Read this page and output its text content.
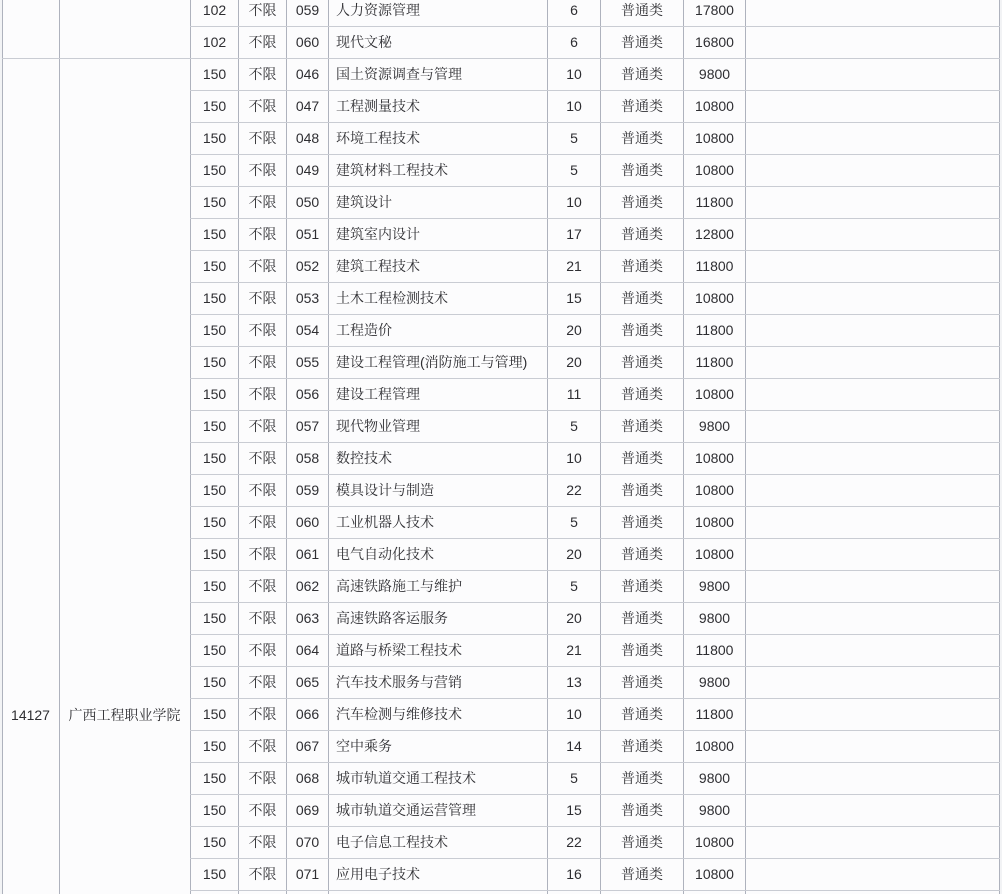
102	不限	059	人力资源管理	6	普通类	17800
102	不限	060	现代文秘	6	普通类	16800
150	不限	046	国土资源调查与管理	10	普通类	9800
150	不限	047	工程测量技术	10	普通类	10800
150	不限	048	环境工程技术	5	普通类	10800
150	不限	049	建筑材料工程技术	5	普通类	10800
150	不限	050	建筑设计	10	普通类	11800
150	不限	051	建筑室内设计	17	普通类	12800
150	不限	052	建筑工程技术	21	普通类	11800
150	不限	053	土木工程检测技术	15	普通类	10800
150	不限	054	工程造价	20	普通类	11800
150	不限	055	建设工程管理(消防施工与管理)	20	普通类	11800
150	不限	056	建设工程管理	11	普通类	10800
150	不限	057	现代物业管理	5	普通类	9800
150	不限	058	数控技术	10	普通类	10800
150	不限	059	模具设计与制造	22	普通类	10800
150	不限	060	工业机器人技术	5	普通类	10800
150	不限	061	电气自动化技术	20	普通类	10800
150	不限	062	高速铁路施工与维护	5	普通类	9800
150	不限	063	高速铁路客运服务	20	普通类	9800
150	不限	064	道路与桥梁工程技术	21	普通类	11800
150	不限	065	汽车技术服务与营销	13	普通类	9800
150	不限	066	汽车检测与维修技术	10	普通类	11800
150	不限	067	空中乘务	14	普通类	10800
150	不限	068	城市轨道交通工程技术	5	普通类	9800
150	不限	069	城市轨道交通运营管理	15	普通类	9800
150	不限	070	电子信息工程技术	22	普通类	10800
150	不限	071	应用电子技术	16	普通类	10800
14127	广西工程职业学院
